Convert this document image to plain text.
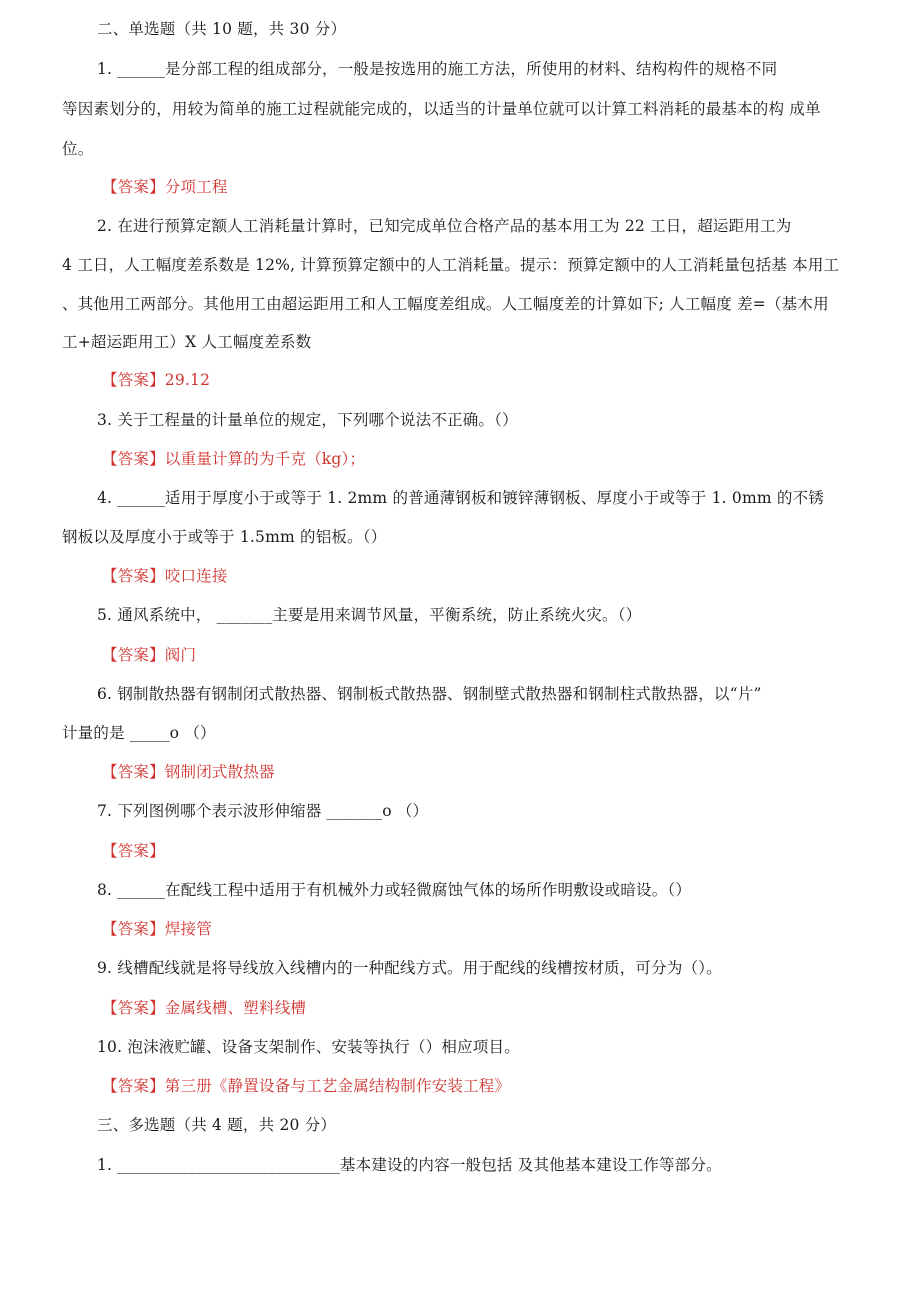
二、单选题（共 10 题，共 30 分）
1. ______是分部工程的组成部分，一般是按选用的施工方法，所使用的材料、结构构件的规格不同
等因素划分的，用较为简单的施工过程就能完成的，以适当的计量单位就可以计算工料消耗的最基本的构 成单
位。
【答案】分项工程
2. 在进行预算定额人工消耗量计算时，已知完成单位合格产品的基本用工为 22 工日，超运距用工为
4 工日，人工幅度差系数是 12%, 计算预算定额中的人工消耗量。提示：预算定额中的人工消耗量包括基 本用工
、其他用工两部分。其他用工由超运距用工和人工幅度差组成。人工幅度差的计算如下; 人工幅度 差=（基木用
工+超运距用工）X 人工幅度差系数
【答案】29.12
3. 关于工程量的计量单位的规定，下列哪个说法不正确。（）
【答案】以重量计算的为千克（kg）；
4. ______适用于厚度小于或等于 1. 2mm 的普通薄钢板和镀锌薄钢板、厚度小于或等于 1. 0mm 的不锈
钢板以及厚度小于或等于 1.5mm 的铝板。（）
【答案】咬口连接
5. 通风系统中， _______主要是用来调节风量，平衡系统，防止系统火灾。（）
【答案】阀门
6. 钢制散热器有钢制闭式散热器、钢制板式散热器、钢制壁式散热器和钢制柱式散热器，以“片”
计量的是 _____o （）
【答案】钢制闭式散热器
7. 下列图例哪个表示波形伸缩器 _______o （）
【答案】
8. ______在配线工程中适用于有机械外力或轻微腐蚀气体的场所作明敷设或暗设。（）
【答案】焊接管
9. 线槽配线就是将导线放入线槽内的一种配线方式。用于配线的线槽按材质，可分为（）。
【答案】金属线槽、塑料线槽
10. 泡沫液贮罐、设备支架制作、安装等执行（）相应项目。
【答案】第三册《静置设备与工艺金属结构制作安装工程》
三、多选题（共 4 题，共 20 分）
1. ____________________________基本建设的内容一般包括 及其他基本建设工作等部分。
